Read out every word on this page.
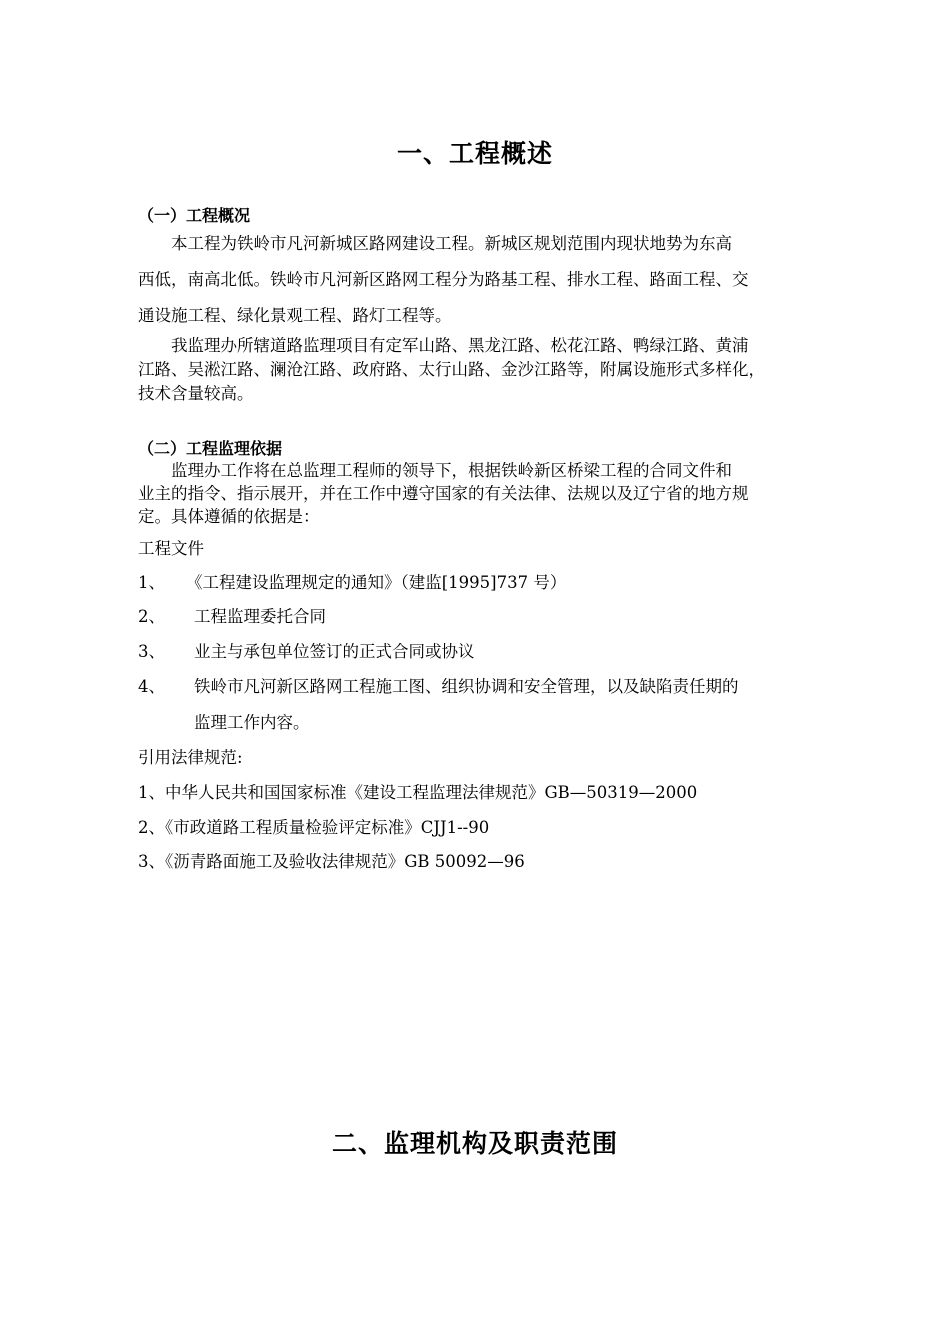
一、工程概述
（一）工程概况
本工程为铁岭市凡河新城区路网建设工程。新城区规划范围内现状地势为东高
西低，南高北低。铁岭市凡河新区路网工程分为路基工程、排水工程、路面工程、交
通设施工程、绿化景观工程、路灯工程等。
我监理办所辖道路监理项目有定军山路、黑龙江路、松花江路、鸭绿江路、黄浦
江路、吴淞江路、澜沧江路、政府路、太行山路、金沙江路等，附属设施形式多样化，
技术含量较高。
（二）工程监理依据
监理办工作将在总监理工程师的领导下，根据铁岭新区桥梁工程的合同文件和
业主的指令、指示展开，并在工作中遵守国家的有关法律、法规以及辽宁省的地方规
定。具体遵循的依据是：
工程文件
1、 《工程建设监理规定的通知》（建监[1995]737 号）
2、 工程监理委托合同
3、 业主与承包单位签订的正式合同或协议
4、 铁岭市凡河新区路网工程施工图、组织协调和安全管理，以及缺陷责任期的
监理工作内容。
引用法律规范:
1、中华人民共和国国家标准《建设工程监理法律规范》GB—50319—2000
2、《市政道路工程质量检验评定标准》CJJ1--90
3、《沥青路面施工及验收法律规范》GB 50092—96
二、监理机构及职责范围
